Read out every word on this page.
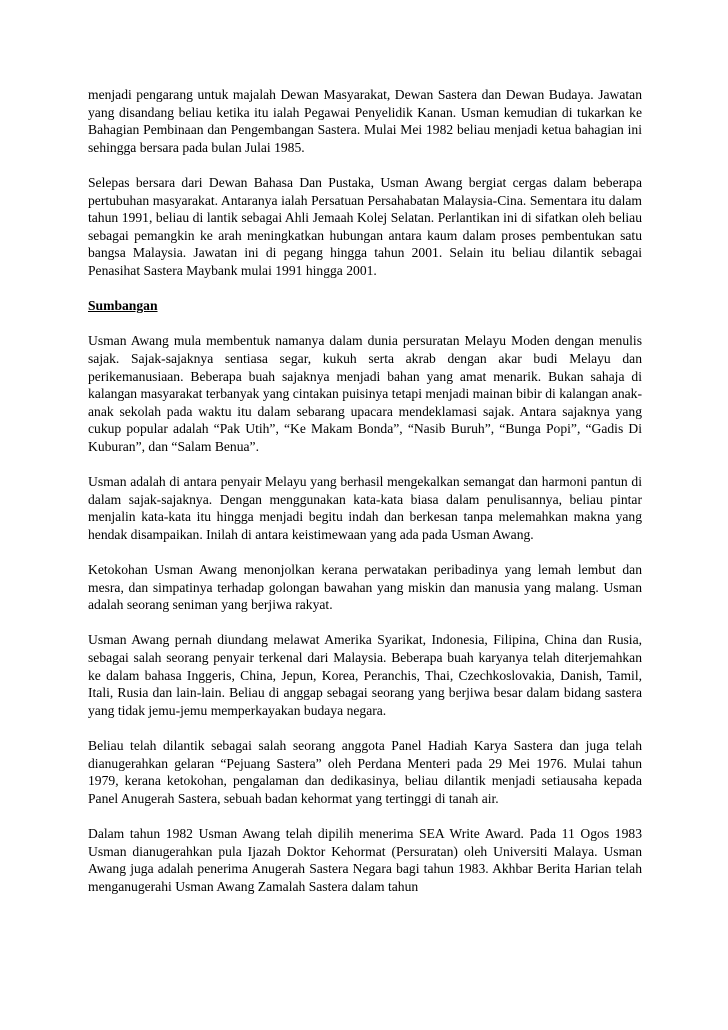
menjadi pengarang untuk majalah Dewan Masyarakat, Dewan Sastera dan Dewan Budaya. Jawatan yang disandang beliau ketika itu ialah Pegawai Penyelidik Kanan. Usman kemudian di tukarkan ke Bahagian Pembinaan dan Pengembangan Sastera. Mulai Mei 1982 beliau menjadi ketua bahagian ini sehingga bersara pada bulan Julai 1985.

Selepas bersara dari Dewan Bahasa Dan Pustaka, Usman Awang bergiat cergas dalam beberapa pertubuhan masyarakat. Antaranya ialah Persatuan Persahabatan Malaysia-Cina. Sementara itu dalam tahun 1991, beliau di lantik sebagai Ahli Jemaah Kolej Selatan. Perlantikan ini di sifatkan oleh beliau sebagai pemangkin ke arah meningkatkan hubungan antara kaum dalam proses pembentukan satu bangsa Malaysia. Jawatan ini di pegang hingga tahun 2001. Selain itu beliau dilantik sebagai Penasihat Sastera Maybank mulai 1991 hingga 2001.

Sumbangan

Usman Awang mula membentuk namanya dalam dunia persuratan Melayu Moden dengan menulis sajak. Sajak-sajaknya sentiasa segar, kukuh serta akrab dengan akar budi Melayu dan perikemanusiaan. Beberapa buah sajaknya menjadi bahan yang amat menarik. Bukan sahaja di kalangan masyarakat terbanyak yang cintakan puisinya tetapi menjadi mainan bibir di kalangan anak-anak sekolah pada waktu itu dalam sebarang upacara mendeklamasi sajak. Antara sajaknya yang cukup popular adalah “Pak Utih”, “Ke Makam Bonda”, “Nasib Buruh”, “Bunga Popi”, “Gadis Di Kuburan”, dan “Salam Benua”.

Usman adalah di antara penyair Melayu yang berhasil mengekalkan semangat dan harmoni pantun di dalam sajak-sajaknya. Dengan menggunakan kata-kata biasa dalam penulisannya, beliau pintar menjalin kata-kata itu hingga menjadi begitu indah dan berkesan tanpa melemahkan makna yang hendak disampaikan. Inilah di antara keistimewaan yang ada pada Usman Awang.

Ketokohan Usman Awang menonjolkan kerana perwatakan peribadinya yang lemah lembut dan mesra, dan simpatinya terhadap golongan bawahan yang miskin dan manusia yang malang. Usman adalah seorang seniman yang berjiwa rakyat.

Usman Awang pernah diundang melawat Amerika Syarikat, Indonesia, Filipina, China dan Rusia, sebagai salah seorang penyair terkenal dari Malaysia. Beberapa buah karyanya telah diterjemahkan ke dalam bahasa Inggeris, China, Jepun, Korea, Peranchis, Thai, Czechkoslovakia, Danish, Tamil, Itali, Rusia dan lain-lain. Beliau di anggap sebagai seorang yang berjiwa besar dalam bidang sastera yang tidak jemu-jemu memperkayakan budaya negara.

Beliau telah dilantik sebagai salah seorang anggota Panel Hadiah Karya Sastera dan juga telah dianugerahkan gelaran “Pejuang Sastera” oleh Perdana Menteri pada 29 Mei 1976. Mulai tahun 1979, kerana ketokohan, pengalaman dan dedikasinya, beliau dilantik menjadi setiausaha kepada Panel Anugerah Sastera, sebuah badan kehormat yang tertinggi di tanah air.

Dalam tahun 1982 Usman Awang telah dipilih menerima SEA Write Award. Pada 11 Ogos 1983 Usman dianugerahkan pula Ijazah Doktor Kehormat (Persuratan) oleh Universiti Malaya. Usman Awang juga adalah penerima Anugerah Sastera Negara bagi tahun 1983. Akhbar Berita Harian telah menganugerahi Usman Awang Zamalah Sastera dalam tahun
